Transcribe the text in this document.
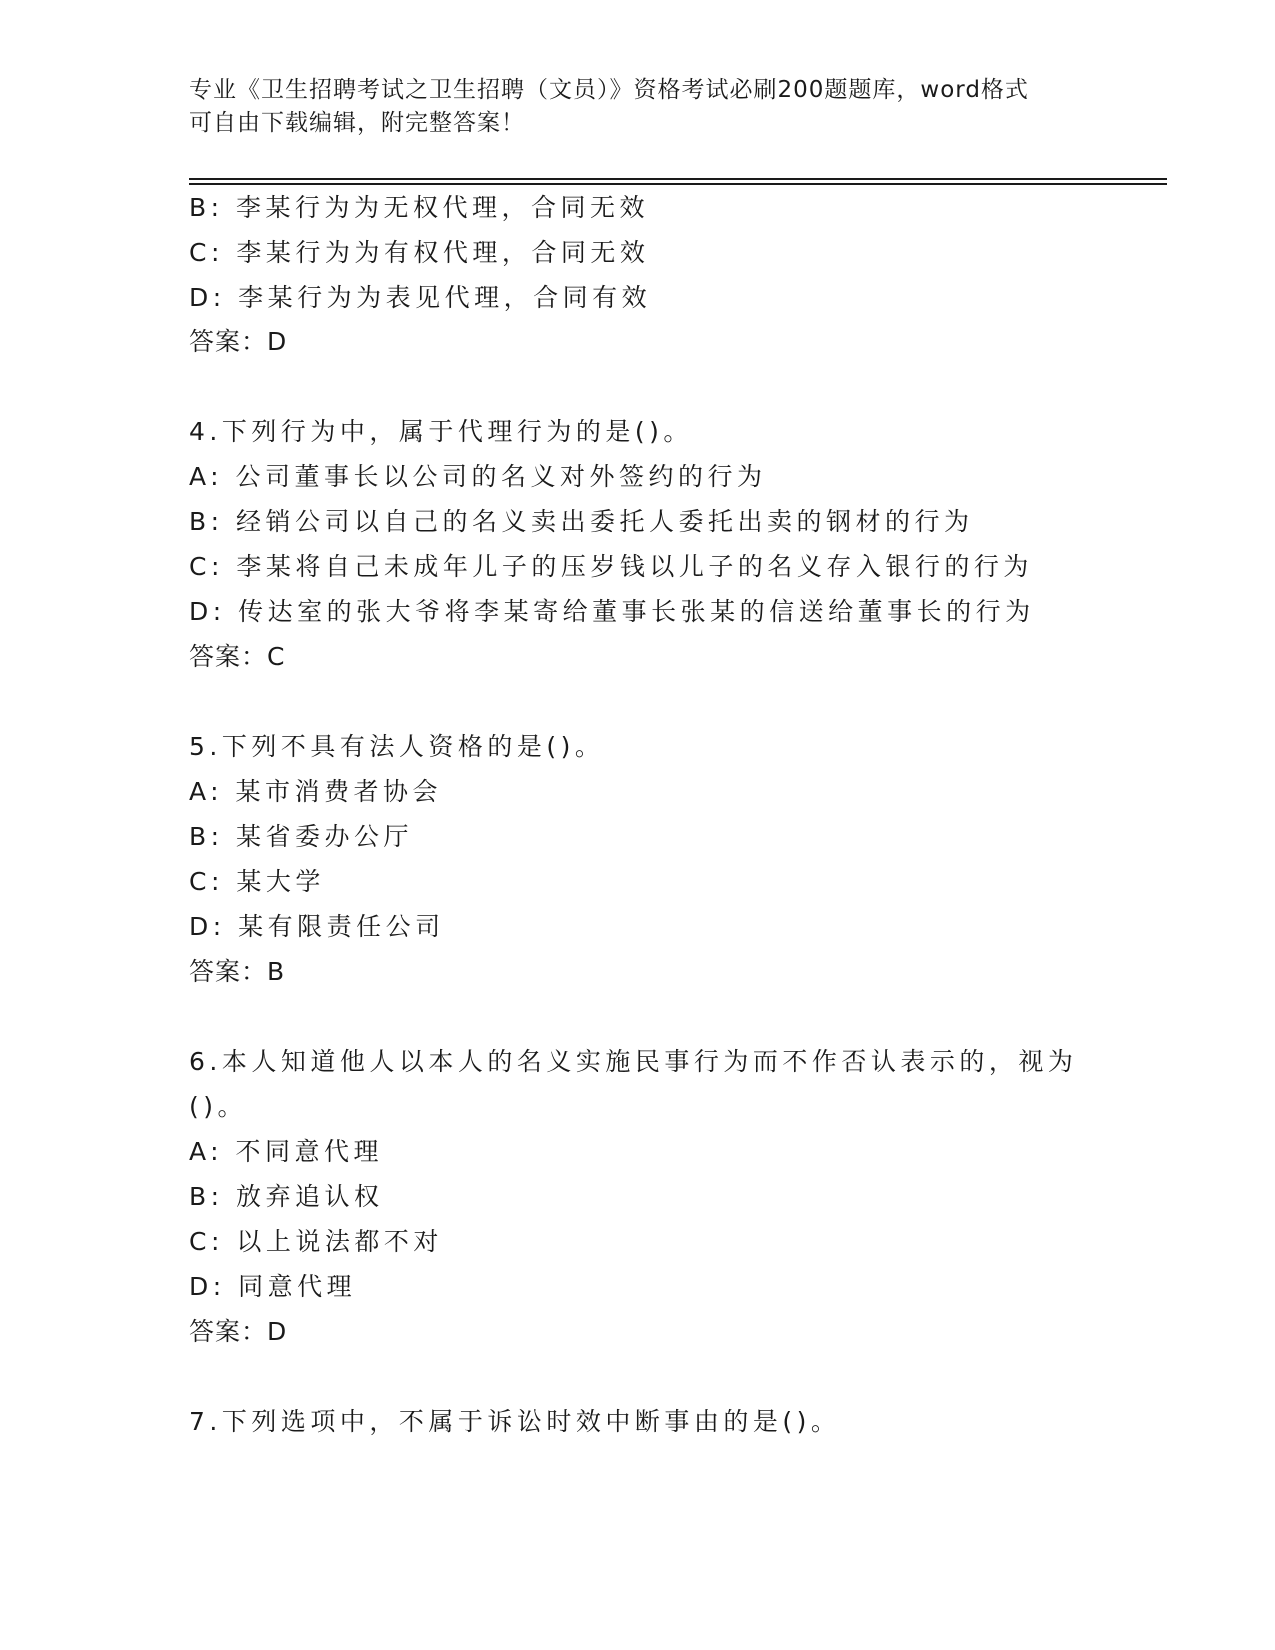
专业《卫生招聘考试之卫生招聘（文员）》资格考试必刷200题题库，word格式
可自由下载编辑，附完整答案！
B: 李某行为为无权代理，合同无效
C: 李某行为为有权代理，合同无效
D: 李某行为为表见代理，合同有效
答案：D
4.下列行为中，属于代理行为的是()。
A: 公司董事长以公司的名义对外签约的行为
B: 经销公司以自己的名义卖出委托人委托出卖的钢材的行为
C: 李某将自己未成年儿子的压岁钱以儿子的名义存入银行的行为
D: 传达室的张大爷将李某寄给董事长张某的信送给董事长的行为
答案：C
5.下列不具有法人资格的是()。
A: 某市消费者协会
B: 某省委办公厅
C: 某大学
D: 某有限责任公司
答案：B
6.本人知道他人以本人的名义实施民事行为而不作否认表示的，视为
()。
A: 不同意代理
B: 放弃追认权
C: 以上说法都不对
D: 同意代理
答案：D
7.下列选项中，不属于诉讼时效中断事由的是()。
